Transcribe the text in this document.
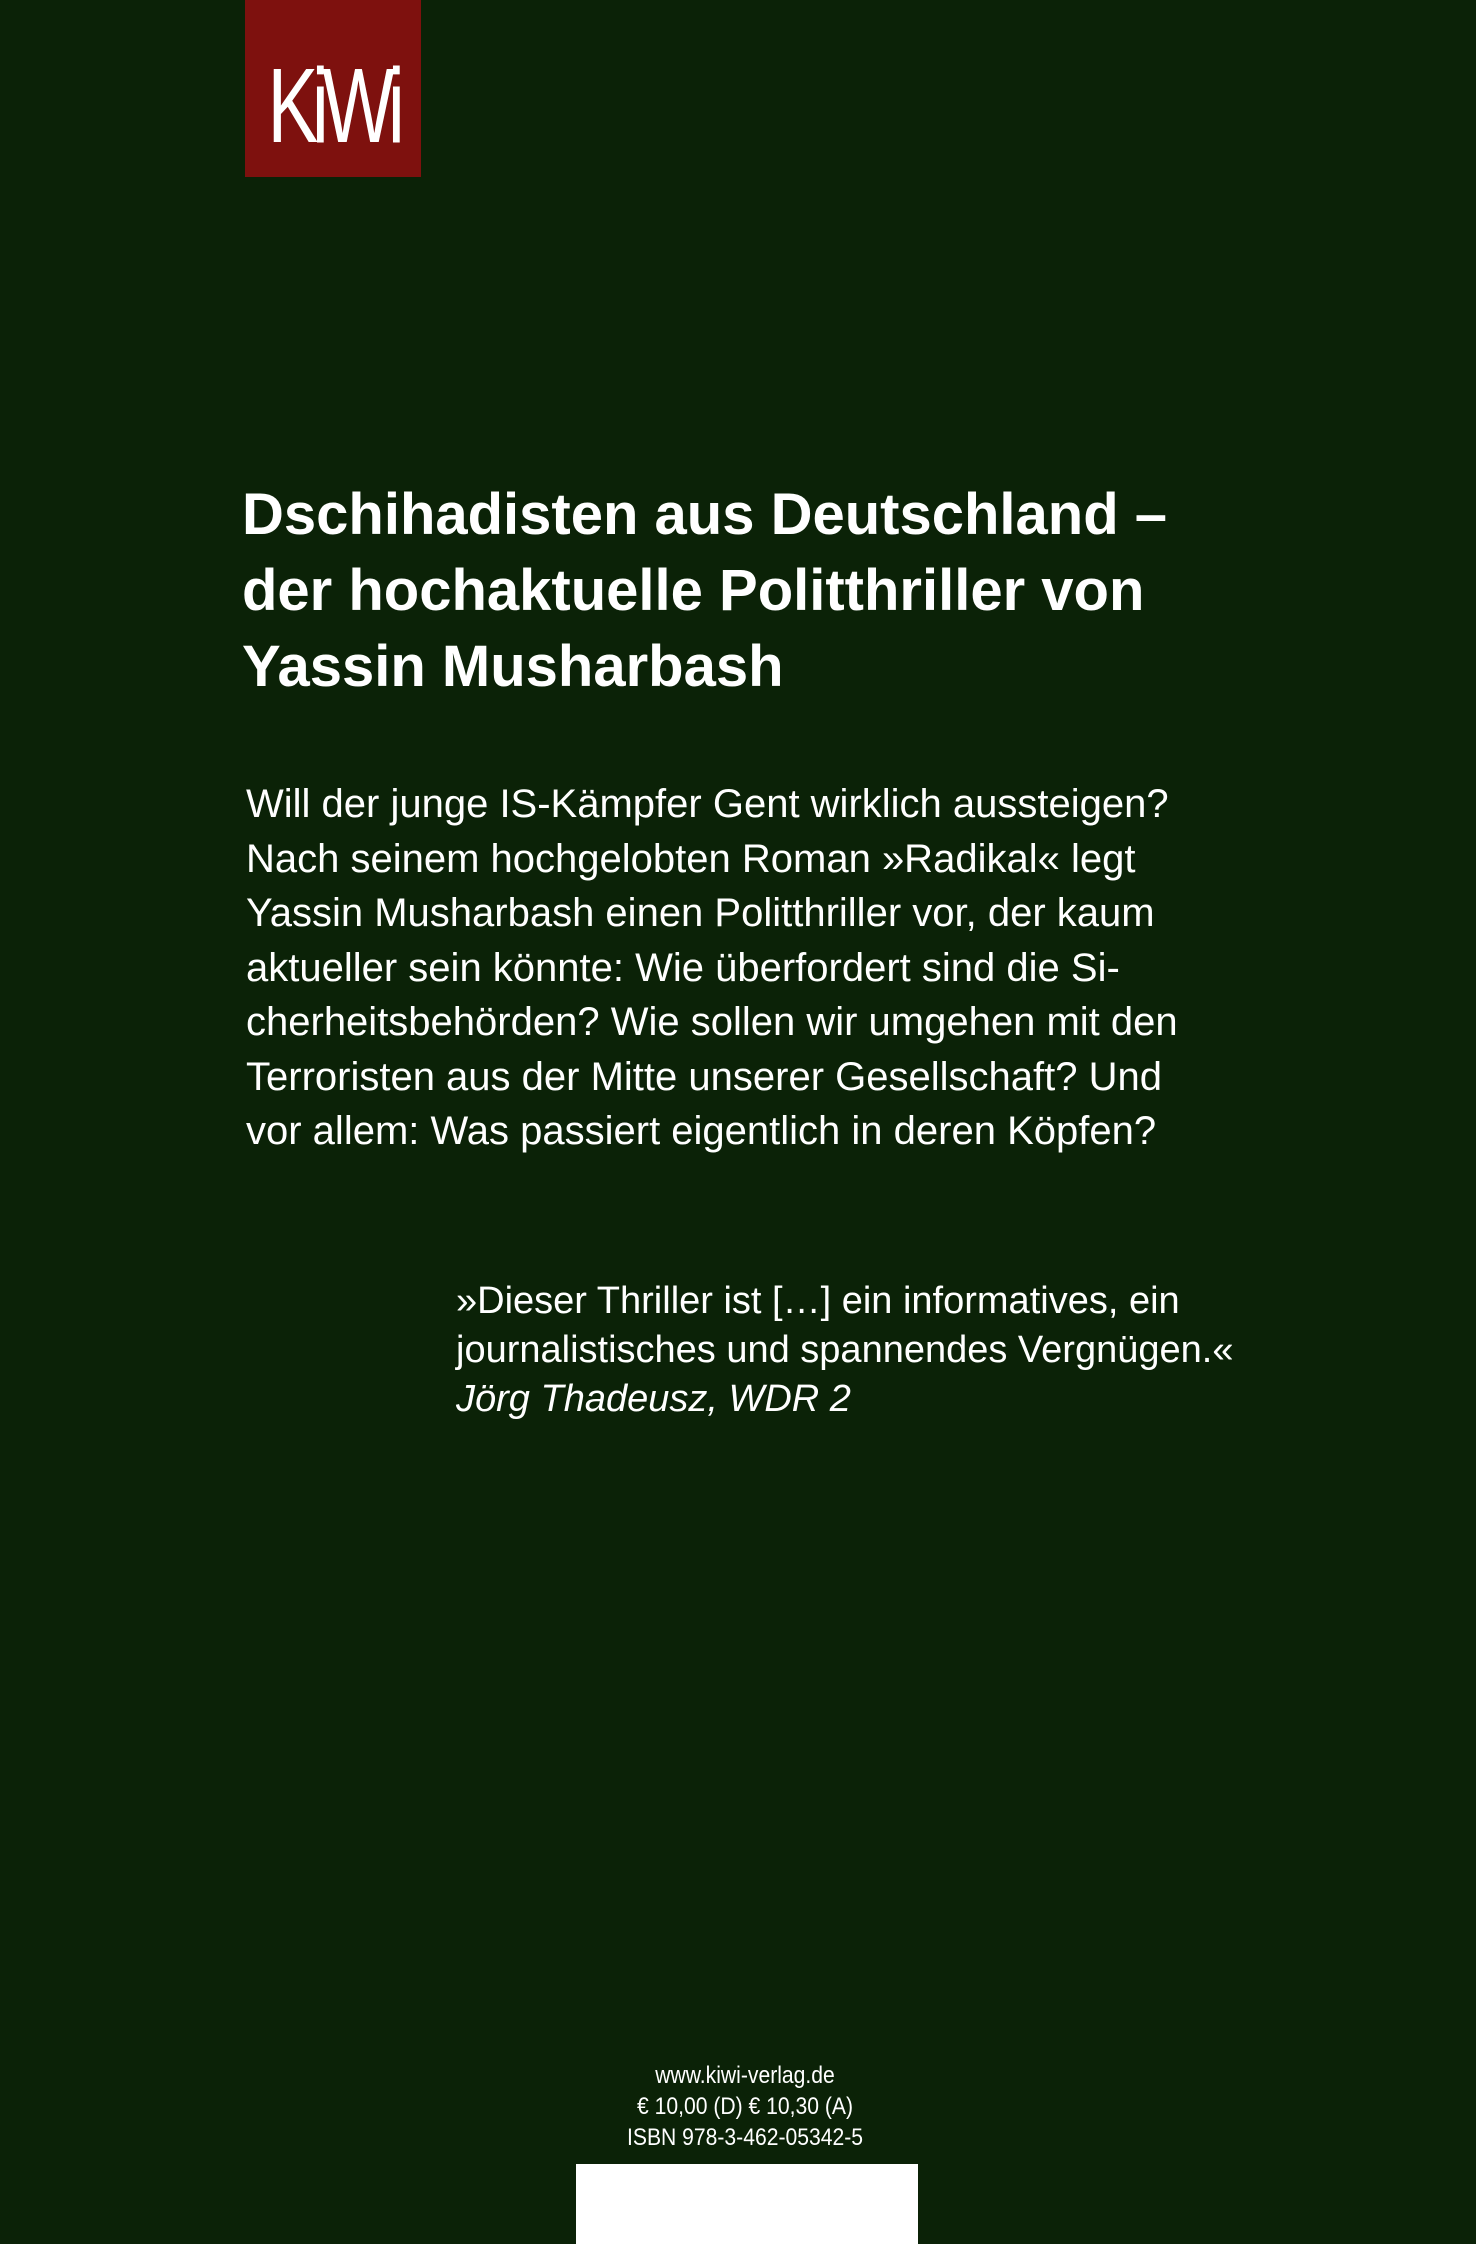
KiWi
Dschihadisten aus Deutschland –
der hochaktuelle Politthriller von
Yassin Musharbash
Will der junge IS-Kämpfer Gent wirklich aussteigen?
Nach seinem hochgelobten Roman »Radikal« legt
Yassin Musharbash einen Politthriller vor, der kaum
aktueller sein könnte: Wie überfordert sind die Si-
cherheitsbehörden? Wie sollen wir umgehen mit den
Terroristen aus der Mitte unserer Gesellschaft? Und
vor allem: Was passiert eigentlich in deren Köpfen?
»Dieser Thriller ist […] ein informatives, ein
journalistisches und spannendes Vergnügen.«
Jörg Thadeusz, WDR 2
www.kiwi-verlag.de
€ 10,00 (D) € 10,30 (A)
ISBN 978-3-462-05342-5
